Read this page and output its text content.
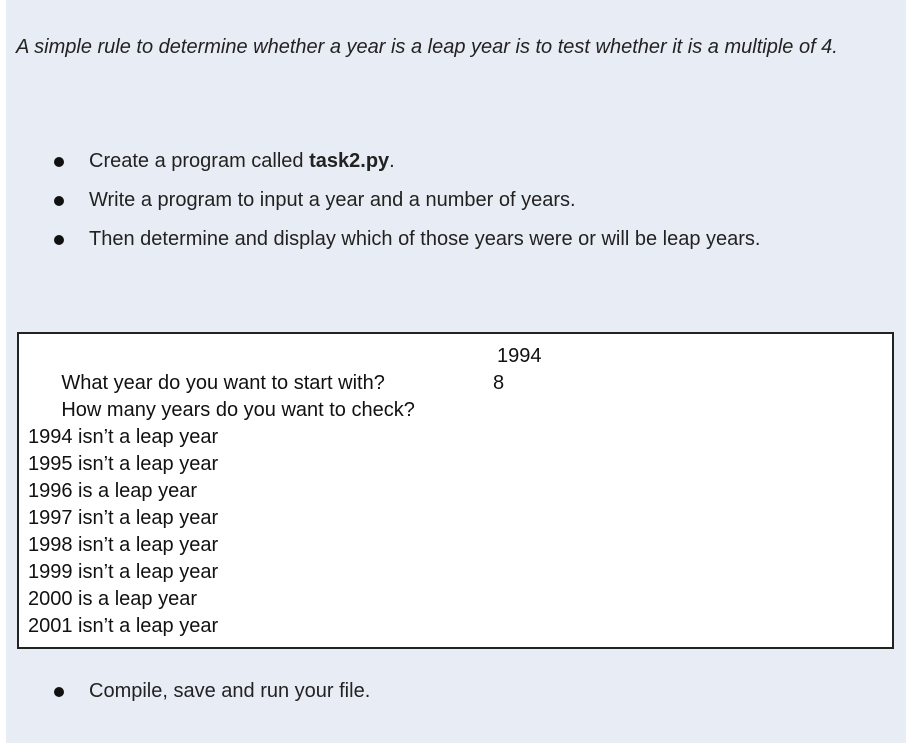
A simple rule to determine whether a year is a leap year is to test whether it is a multiple of 4.

Create a program called task2.py.
Write a program to input a year and a number of years.
Then determine and display which of those years were or will be leap years.

What year do you want to start with?

1994

How many years do you want to check?

8
1994 isn’t a leap year
1995 isn’t a leap year
1996 is a leap year
1997 isn’t a leap year
1998 isn’t a leap year
1999 isn’t a leap year
2000 is a leap year
2001 isn’t a leap year
Compile, save and run your file.
